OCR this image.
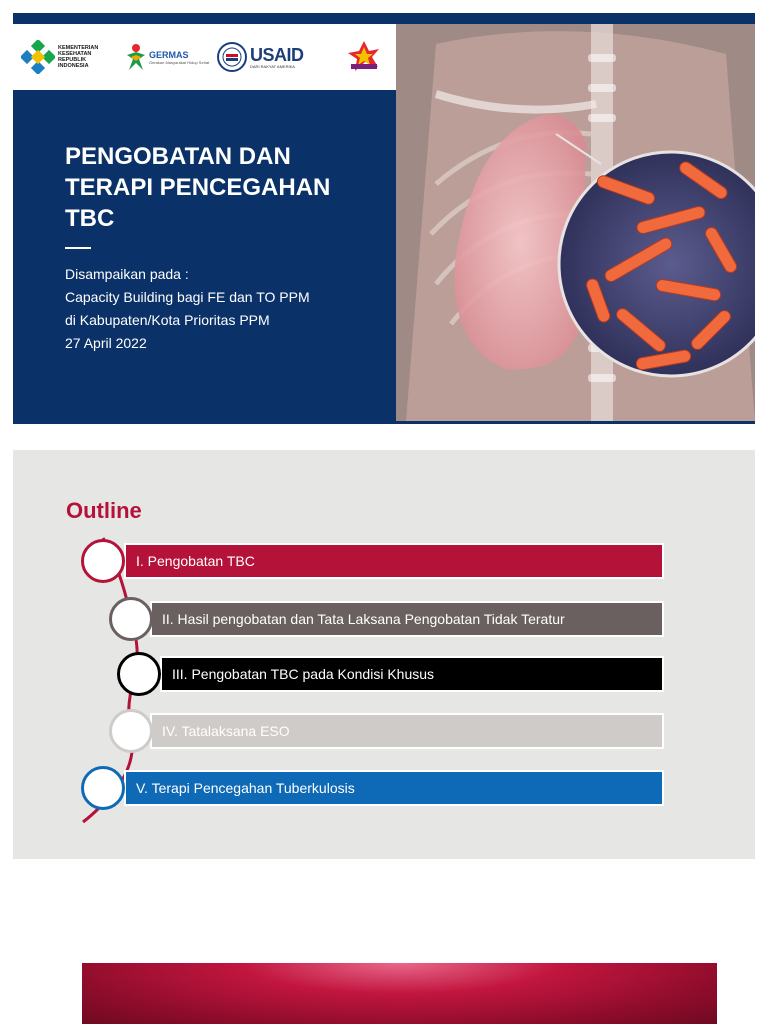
KEMENTERIAN
KESEHATAN
REPUBLIK
INDONESIA
GERMAS
Gerakan Masyarakat Hidup Sehat USAID
DARI RAKYAT AMERIKA
PENGOBATAN DAN TERAPI PENCEGAHAN TBC
Disampaikan pada :
Capacity Building bagi FE dan TO PPM
di Kabupaten/Kota Prioritas PPM
27 April 2022
Outline
I. Pengobatan TBC
II. Hasil pengobatan dan Tata Laksana Pengobatan Tidak Teratur
III. Pengobatan TBC pada Kondisi Khusus
IV. Tatalaksana ESO
V. Terapi Pencegahan Tuberkulosis
